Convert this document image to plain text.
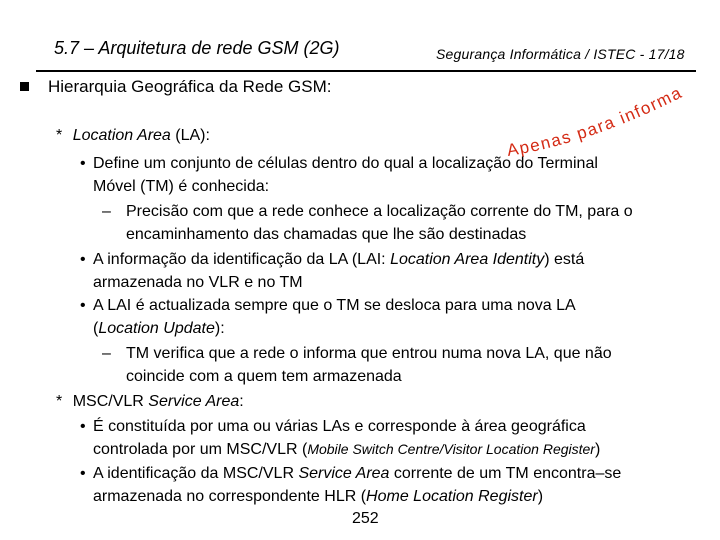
5.7 – Arquitetura de rede GSM (2G)	Segurança Informática / ISTEC - 17/18
Hierarquia Geográfica da Rede GSM:
Apenas para informa
* Location Area (LA):
• Define um conjunto de células dentro do qual a localização do Terminal
Móvel (TM) é conhecida:
– Precisão com que a rede conhece a localização corrente do TM, para o
encaminhamento das chamadas que lhe são destinadas
• A informação da identificação da LA (LAI: Location Area Identity) está
armazenada no VLR e no TM
• A LAI é actualizada sempre que o TM se desloca para uma nova LA
(Location Update):
– TM verifica que a rede o informa que entrou numa nova LA, que não
coincide com a quem tem armazenada
* MSC/VLR Service Area:
• É constituída por uma ou várias LAs e corresponde à área geográfica
controlada por um MSC/VLR (Mobile Switch Centre/Visitor Location Register)
• A identificação da MSC/VLR Service Area corrente de um TM encontra–se
armazenada no correspondente HLR (Home Location Register)
252
